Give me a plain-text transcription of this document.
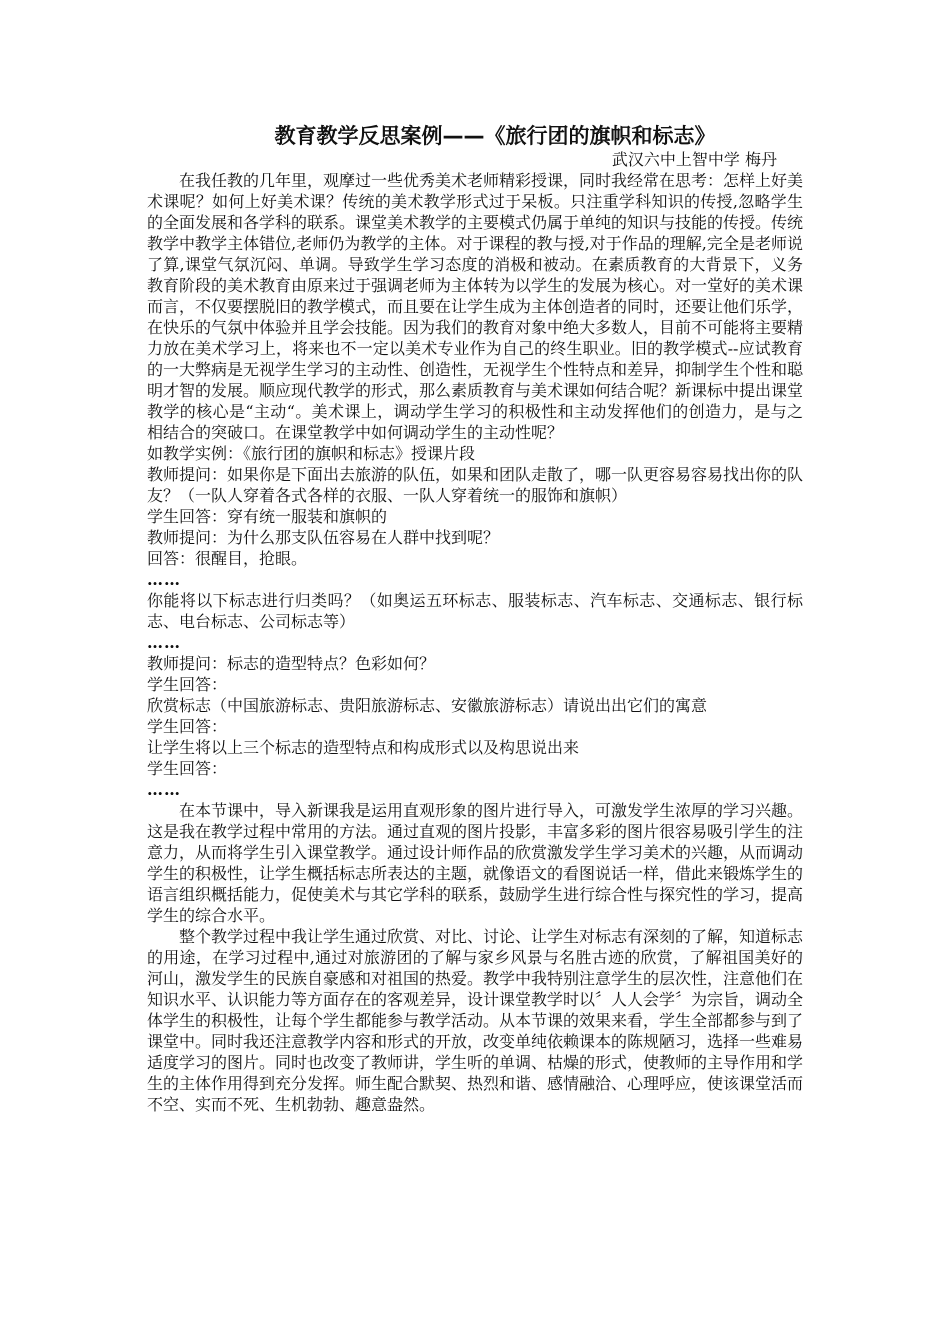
教育教学反思案例——《旅行团的旗帜和标志》
武汉六中上智中学 梅丹

在我任教的几年里，观摩过一些优秀美术老师精彩授课，同时我经常在思考：怎样上好美术课呢？如何上好美术课？传统的美术教学形式过于呆板。只注重学科知识的传授,忽略学生的全面发展和各学科的联系。课堂美术教学的主要模式仍属于单纯的知识与技能的传授。传统教学中教学主体错位,老师仍为教学的主体。对于课程的教与授,对于作品的理解,完全是老师说了算,课堂气氛沉闷、单调。导致学生学习态度的消极和被动。在素质教育的大背景下，义务教育阶段的美术教育由原来过于强调老师为主体转为以学生的发展为核心。对一堂好的美术课而言，不仅要摆脱旧的教学模式，而且要在让学生成为主体创造者的同时，还要让他们乐学，在快乐的气氛中体验并且学会技能。因为我们的教育对象中绝大多数人，目前不可能将主要精力放在美术学习上，将来也不一定以美术专业作为自己的终生职业。旧的教学模式--应试教育的一大弊病是无视学生学习的主动性、创造性，无视学生个性特点和差异，抑制学生个性和聪明才智的发展。顺应现代教学的形式，那么素质教育与美术课如何结合呢？新课标中提出课堂教学的核心是“主动“。美术课上，调动学生学习的积极性和主动发挥他们的创造力，是与之相结合的突破口。在课堂教学中如何调动学生的主动性呢？

如教学实例：《旅行团的旗帜和标志》授课片段

教师提问：如果你是下面出去旅游的队伍，如果和团队走散了，哪一队更容易容易找出你的队友？（一队人穿着各式各样的衣服、一队人穿着统一的服饰和旗帜）

学生回答：穿有统一服装和旗帜的

教师提问：为什么那支队伍容易在人群中找到呢？

回答：很醒目，抢眼。

……

你能将以下标志进行归类吗？（如奥运五环标志、服装标志、汽车标志、交通标志、银行标志、电台标志、公司标志等）

……

教师提问：标志的造型特点？色彩如何？

学生回答：

欣赏标志（中国旅游标志、贵阳旅游标志、安徽旅游标志）请说出出它们的寓意

学生回答：

让学生将以上三个标志的造型特点和构成形式以及构思说出来

学生回答：

……

在本节课中，导入新课我是运用直观形象的图片进行导入，可激发学生浓厚的学习兴趣。这是我在教学过程中常用的方法。通过直观的图片投影，丰富多彩的图片很容易吸引学生的注意力，从而将学生引入课堂教学。通过设计师作品的欣赏激发学生学习美术的兴趣，从而调动学生的积极性，让学生概括标志所表达的主题，就像语文的看图说话一样，借此来锻炼学生的语言组织概括能力，促使美术与其它学科的联系，鼓励学生进行综合性与探究性的学习，提高学生的综合水平。

整个教学过程中我让学生通过欣赏、对比、讨论、让学生对标志有深刻的了解，知道标志的用途，在学习过程中,通过对旅游团的了解与家乡风景与名胜古迹的欣赏，了解祖国美好的河山，激发学生的民族自豪感和对祖国的热爱。教学中我特别注意学生的层次性，注意他们在知识水平、认识能力等方面存在的客观差异，设计课堂教学时以〞人人会学〞为宗旨，调动全体学生的积极性，让每个学生都能参与教学活动。从本节课的效果来看，学生全部都参与到了课堂中。同时我还注意教学内容和形式的开放，改变单纯依赖课本的陈规陋习，选择一些难易适度学习的图片。同时也改变了教师讲，学生听的单调、枯燥的形式，使教师的主导作用和学生的主体作用得到充分发挥。师生配合默契、热烈和谐、感情融洽、心理呼应，使该课堂活而不空、实而不死、生机勃勃、趣意盎然。
